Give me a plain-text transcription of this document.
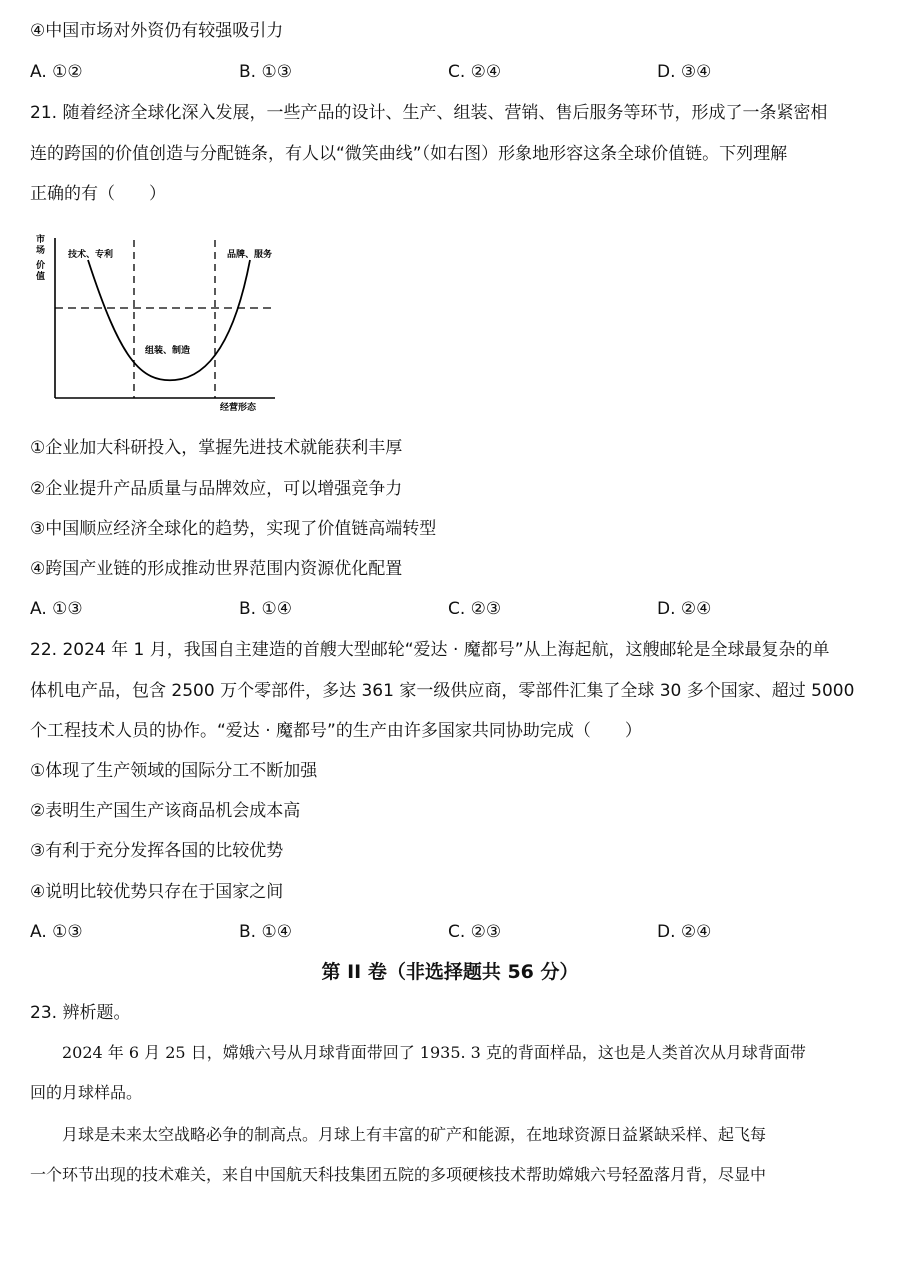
④中国市场对外资仍有较强吸引力
A. ①②	B. ①③	C. ②④	D. ③④
21. 随着经济全球化深入发展，一些产品的设计、生产、组装、营销、售后服务等环节，形成了一条紧密相
连的跨国的价值创造与分配链条，有人以“微笑曲线”（如右图）形象地形容这条全球价值链。下列理解
正确的有（　　）
市
场
价
值
技术、专利
组装、制造
品牌、服务
经营形态
①企业加大科研投入，掌握先进技术就能获利丰厚
②企业提升产品质量与品牌效应，可以增强竞争力
③中国顺应经济全球化的趋势，实现了价值链高端转型
④跨国产业链的形成推动世界范围内资源优化配置
A. ①③	B. ①④	C. ②③	D. ②④
22. 2024 年 1 月，我国自主建造的首艘大型邮轮“爱达 · 魔都号”从上海起航，这艘邮轮是全球最复杂的单
体机电产品，包含 2500 万个零部件，多达 361 家一级供应商，零部件汇集了全球 30 多个国家、超过 5000
个工程技术人员的协作。“爱达 · 魔都号”的生产由许多国家共同协助完成（　　）
①体现了生产领域的国际分工不断加强
②表明生产国生产该商品机会成本高
③有利于充分发挥各国的比较优势
④说明比较优势只存在于国家之间
A. ①③	B. ①④	C. ②③	D. ②④
第 II 卷（非选择题共 56 分）
23. 辨析题。
　　2024 年 6 月 25 日，嫦娥六号从月球背面带回了 1935. 3 克的背面样品，这也是人类首次从月球背面带
回的月球样品。
　　月球是未来太空战略必争的制高点。月球上有丰富的矿产和能源，在地球资源日益紧缺采样、起飞每
一个环节出现的技术难关，来自中国航天科技集团五院的多项硬核技术帮助嫦娥六号轻盈落月背，尽显中
